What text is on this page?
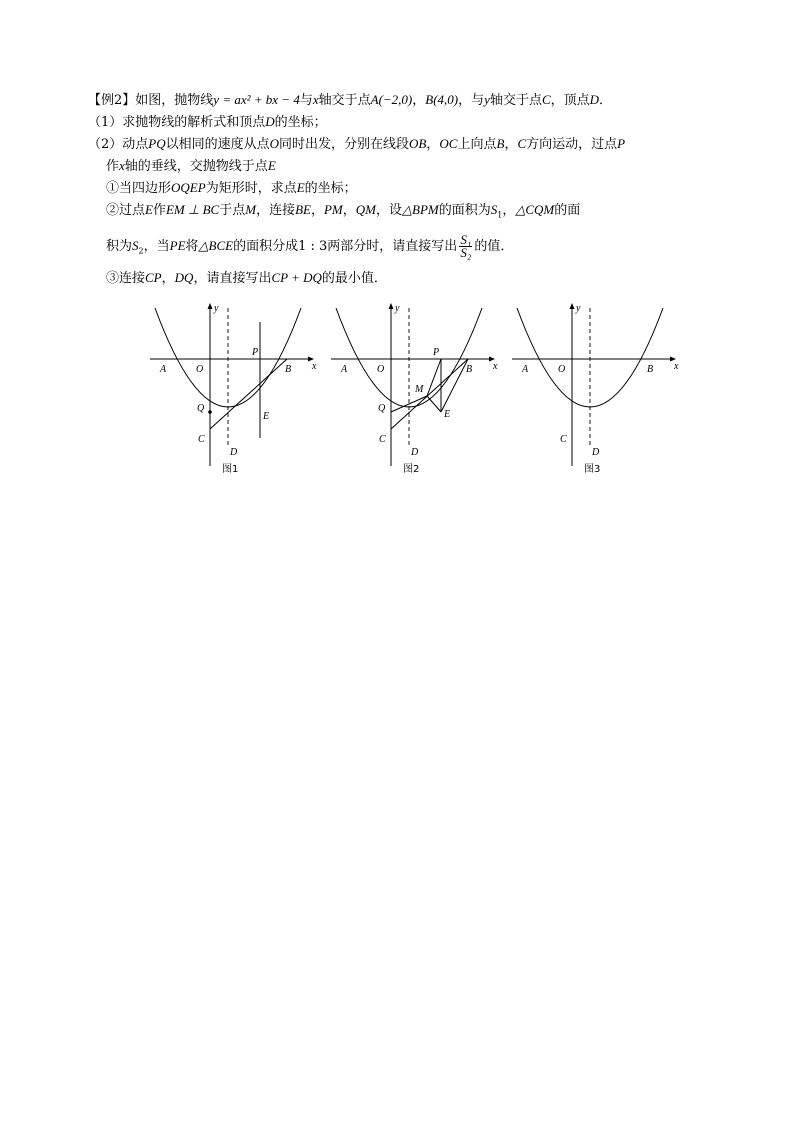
【例2】如图，抛物线y = ax² + bx − 4与x轴交于点A(−2,0)，B(4,0)，与y轴交于点C，顶点D．
（1）求抛物线的解析式和顶点D的坐标；
（2）动点PQ以相同的速度从点O同时出发，分别在线段OB，OC上向点B，C方向运动，过点P
作x轴的垂线，交抛物线于点E
①当四边形OQEP为矩形时，求点E的坐标；
②过点E作EM ⊥ BC于点M，连接BE，PM，QM，设△BPM的面积为$S_1$，△CQM的面
积为$S_2$，当PE将△BCE的面积分成1 : 3两部分时，请直接写出 $\frac{\text{S₁}}{\text{S₂}}$ 的值．
③连接CP，DQ，请直接写出CP + DQ的最小值．
y
x
A	O	B
P
Q
C
D
E
图1
y
x
A	O	B
P
Q
C
D
E
M
图2
y
x
A	O	B
C
D
图3
